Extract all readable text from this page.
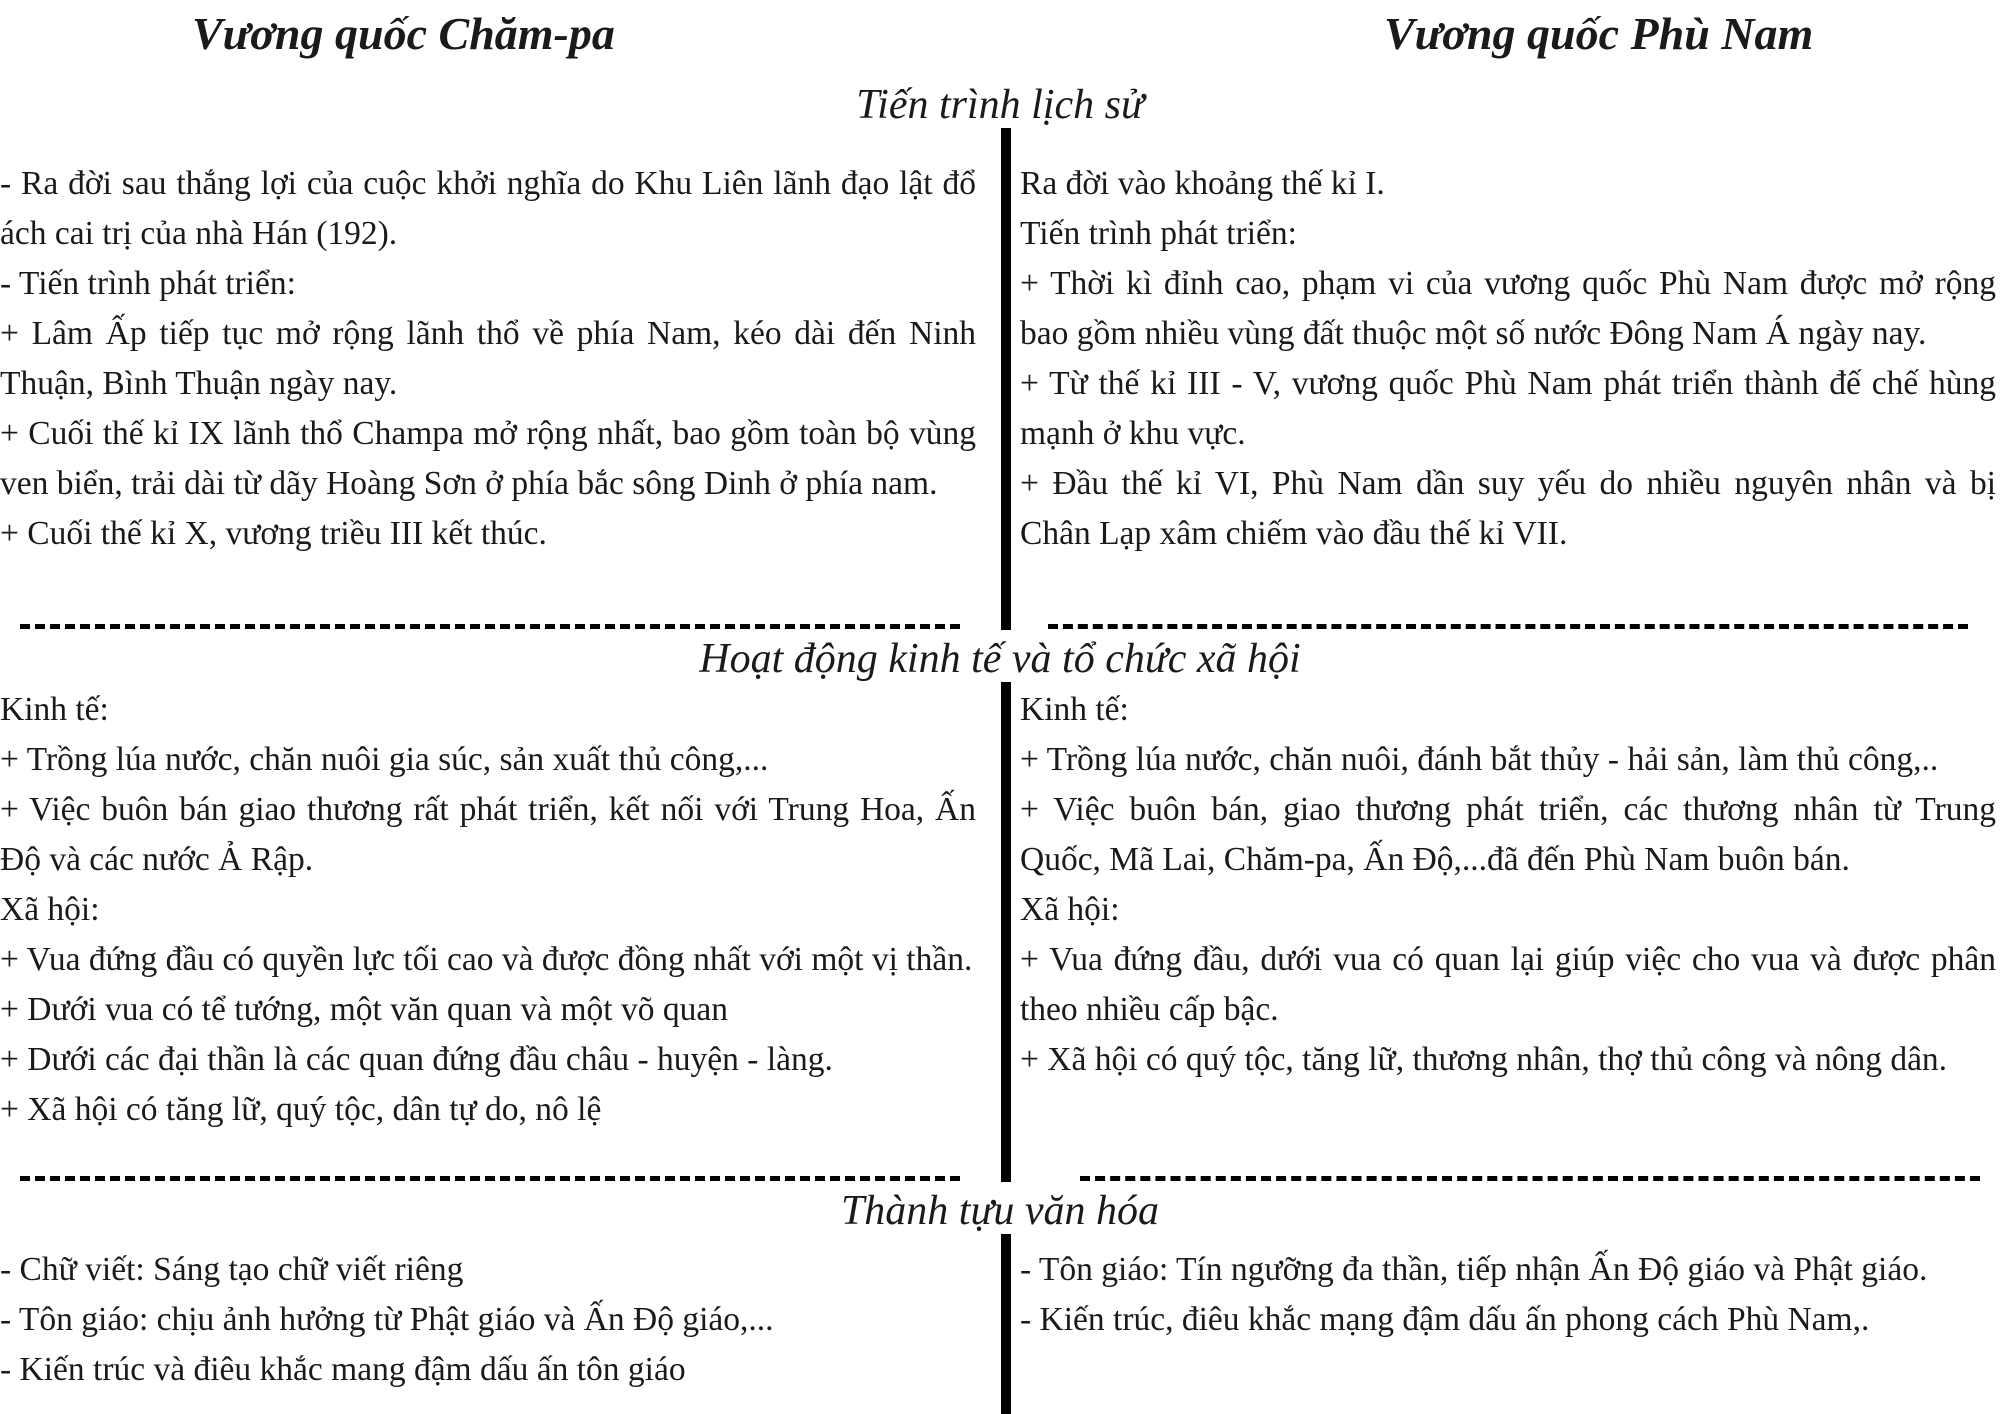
Vương quốc Chăm-pa	Vương quốc Phù Nam
Tiến trình lịch sử

- Ra đời sau thắng lợi của cuộc khởi nghĩa do Khu Liên lãnh đạo lật đổ ách cai trị của nhà Hán (192).

- Tiến trình phát triển:

+ Lâm Ấp tiếp tục mở rộng lãnh thổ về phía Nam, kéo dài đến Ninh Thuận, Bình Thuận ngày nay.

+ Cuối thế kỉ IX lãnh thổ Champa mở rộng nhất, bao gồm toàn bộ vùng ven biển, trải dài từ dãy Hoàng Sơn ở phía bắc sông Dinh ở phía nam.

+ Cuối thế kỉ X, vương triều III kết thúc.

Ra đời vào khoảng thế kỉ I.

Tiến trình phát triển:

+ Thời kì đỉnh cao, phạm vi của vương quốc Phù Nam được mở rộng bao gồm nhiều vùng đất thuộc một số nước Đông Nam Á ngày nay.

+ Từ thế kỉ III - V, vương quốc Phù Nam phát triển thành đế chế hùng mạnh ở khu vực.

+ Đầu thế kỉ VI, Phù Nam dần suy yếu do nhiều nguyên nhân và bị Chân Lạp xâm chiếm vào đầu thế kỉ VII.

Hoạt động kinh tế và tổ chức xã hội

Kinh tế:

+ Trồng lúa nước, chăn nuôi gia súc, sản xuất thủ công,...

+ Việc buôn bán giao thương rất phát triển, kết nối với Trung Hoa, Ấn Độ và các nước Ả Rập.

Xã hội:

+ Vua đứng đầu có quyền lực tối cao và được đồng nhất với một vị thần.

+ Dưới vua có tể tướng, một văn quan và một võ quan

+ Dưới các đại thần là các quan đứng đầu châu - huyện - làng.

+ Xã hội có tăng lữ, quý tộc, dân tự do, nô lệ

Kinh tế:

+ Trồng lúa nước, chăn nuôi, đánh bắt thủy - hải sản, làm thủ công,..

+ Việc buôn bán, giao thương phát triển, các thương nhân từ Trung Quốc, Mã Lai, Chăm-pa, Ấn Độ,...đã đến Phù Nam buôn bán.

Xã hội:

+ Vua đứng đầu, dưới vua có quan lại giúp việc cho vua và được phân theo nhiều cấp bậc.

+ Xã hội có quý tộc, tăng lữ, thương nhân, thợ thủ công và nông dân.

Thành tựu văn hóa

- Chữ viết: Sáng tạo chữ viết riêng

- Tôn giáo: chịu ảnh hưởng từ Phật giáo và Ấn Độ giáo,...

- Kiến trúc và điêu khắc mang đậm dấu ấn tôn giáo

- Tôn giáo: Tín ngưỡng đa thần, tiếp nhận Ấn Độ giáo và Phật giáo.

- Kiến trúc, điêu khắc mạng đậm dấu ấn phong cách Phù Nam,.
